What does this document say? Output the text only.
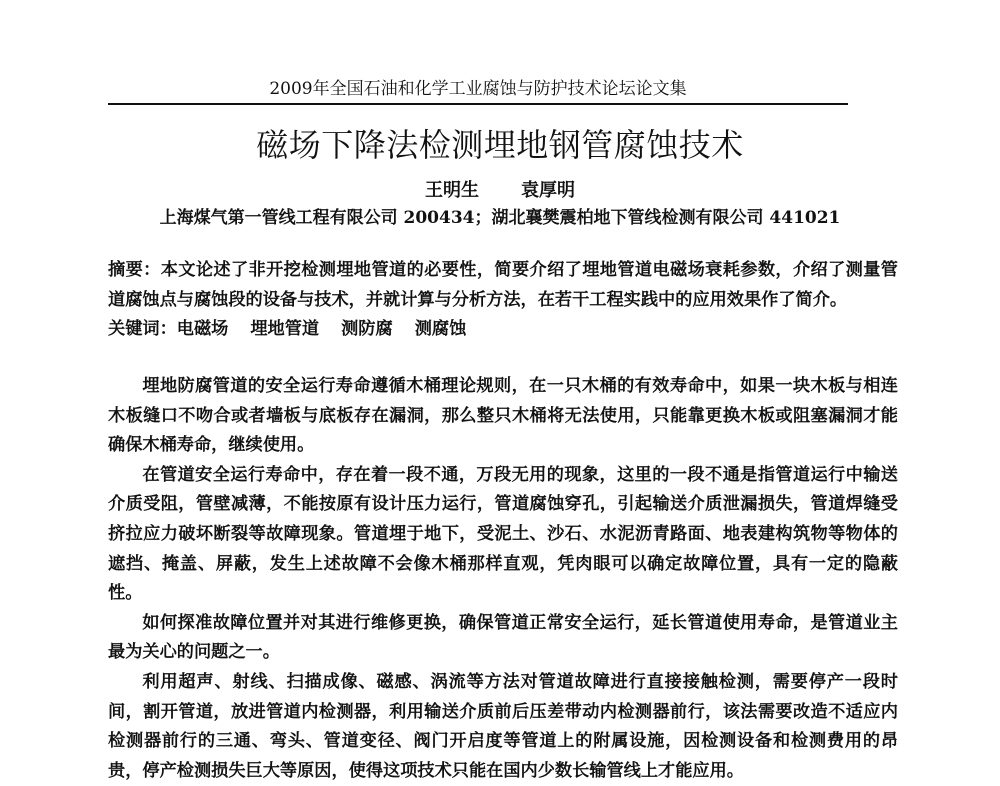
2009年全国石油和化学工业腐蚀与防护技术论坛论文集
磁场下降法检测埋地钢管腐蚀技术
王明生 袁厚明
上海煤气第一管线工程有限公司 200434；湖北襄樊震柏地下管线检测有限公司 441021
摘要：本文论述了非开挖检测埋地管道的必要性，简要介绍了埋地管道电磁场衰耗参数，介绍了测量管道腐蚀点与腐蚀段的设备与技术，并就计算与分析方法，在若干工程实践中的应用效果作了简介。
关键词：电磁场 埋地管道 测防腐 测腐蚀

埋地防腐管道的安全运行寿命遵循木桶理论规则，在一只木桶的有效寿命中，如果一块木板与相连木板缝口不吻合或者墙板与底板存在漏洞，那么整只木桶将无法使用，只能靠更换木板或阻塞漏洞才能确保木桶寿命，继续使用。

在管道安全运行寿命中，存在着一段不通，万段无用的现象，这里的一段不通是指管道运行中输送介质受阻，管壁减薄，不能按原有设计压力运行，管道腐蚀穿孔，引起输送介质泄漏损失，管道焊缝受挤拉应力破坏断裂等故障现象。管道埋于地下，受泥土、沙石、水泥沥青路面、地表建构筑物等物体的遮挡、掩盖、屏蔽，发生上述故障不会像木桶那样直观，凭肉眼可以确定故障位置，具有一定的隐蔽性。

如何探准故障位置并对其进行维修更换，确保管道正常安全运行，延长管道使用寿命，是管道业主最为关心的问题之一。

利用超声、射线、扫描成像、磁感、涡流等方法对管道故障进行直接接触检测，需要停产一段时间，割开管道，放进管道内检测器，利用输送介质前后压差带动内检测器前行，该法需要改造不适应内检测器前行的三通、弯头、管道变径、阀门开启度等管道上的附属设施，因检测设备和检测费用的昂贵，停产检测损失巨大等原因，使得这项技术只能在国内少数长输管线上才能应用。
